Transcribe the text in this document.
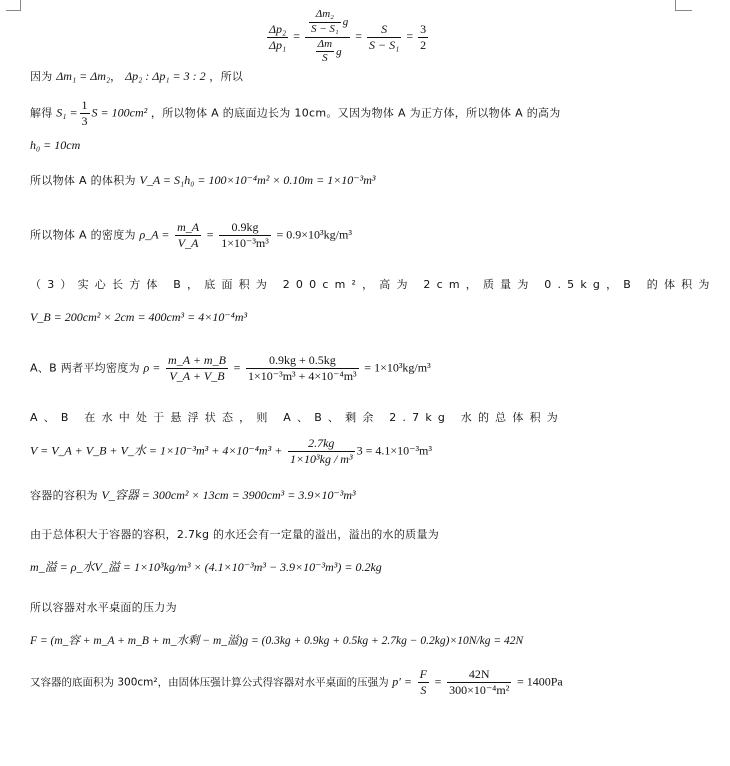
$\frac{\text{Δp₂}}{\text{Δp₁}} = \frac{\frac{\text{Δm₂}}{\text{S − S₁}} g}{\frac{\Delta m}{S} g} = \frac{S}{\text{S − S₁}} = \frac{3}{2}$
因为 Δm₁ = Δm₂， Δp₂ : Δp₁ = 3 : 2 ，所以
解得 $S_1 = \frac{1}{3}$ S = 100cm² ，所以物体 A 的底面边长为 10cm。又因为物体 A 为正方体，所以物体 A 的高为
h₀ = 10cm
所以物体 A 的体积为 V_A = S₁h₀ = 100×10⁻⁴m² × 0.10m = 1×10⁻³m³
所以物体 A 的密度为 ρ_A = $\frac{m\_A}{V\_A} = \frac{0.9kg}{\text{1×10⁻³m³}} = 0.9\times 10^3kg/m^3$
（3）实心长方体 B，底面积为 200cm²，高为 2cm，质量为 0.5kg，B 的体积为
V_B = 200cm² × 2cm = 400cm³ = 4×10⁻⁴m³
A、B 两者平均密度为 $\rho = \frac{m\_A + m\_B}{V\_A + V\_B} = \frac{0.9kg + 0.5kg}{\text{1×10⁻³m³ + 4×10⁻⁴m³}} = 1\times 10^3kg/m^3$
A、B 在水中处于悬浮状态，则 A、B、剩余 2.7kg 水的总体积为
V = V_A + V_B + V_水 = $1\times 10^{-3}m^3 + 4\times 10^{-4}m^3 + \frac{2.7kg}{\text{1×10³kg / m³}} 3 = 4.1\times 10^{-3}m^3$
容器的容积为 V_容器 = 300cm² × 13cm = 3900cm³ = 3.9×10⁻³m³
由于总体积大于容器的容积，2.7kg 的水还会有一定量的溢出，溢出的水的质量为
m_溢 = ρ_水V_溢 = 1×10³kg/m³ × (4.1×10⁻³m³ − 3.9×10⁻³m³) = 0.2kg
所以容器对水平桌面的压力为
F = (m_容 + m_A + m_B + m_水剩 − m_溢)g = (0.3kg + 0.9kg + 0.5kg + 2.7kg − 0.2kg)×10N/kg = 42N
又容器的底面积为 300cm²，由固体压强计算公式得容器对水平桌面的压强为 $p' = \frac{F}{S} = \frac{42N}{\text{300×10⁻⁴m²}} = 1400Pa$
